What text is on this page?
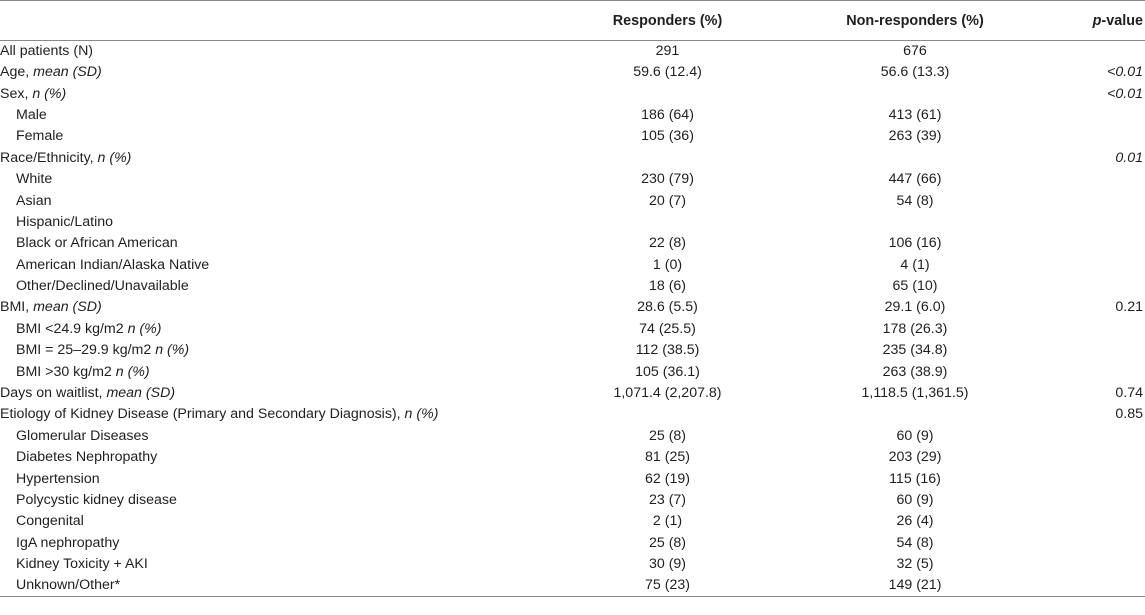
	Responders (%)	Non-responders (%)	p-value
All patients (N)	291	676	
Age, mean (SD)	59.6 (12.4)	56.6 (13.3)	<0.01
Sex, n (%)			<0.01
Male	186 (64)	413 (61)	
Female	105 (36)	263 (39)	
Race/Ethnicity, n (%)			0.01
White	230 (79)	447 (66)	
Asian	20 (7)	54 (8)	
Hispanic/Latino			
Black or African American	22 (8)	106 (16)	
American Indian/Alaska Native	1 (0)	4 (1)	
Other/Declined/Unavailable	18 (6)	65 (10)	
BMI, mean (SD)	28.6 (5.5)	29.1 (6.0)	0.21
BMI <24.9 kg/m2 n (%)	74 (25.5)	178 (26.3)	
BMI = 25–29.9 kg/m2 n (%)	112 (38.5)	235 (34.8)	
BMI >30 kg/m2 n (%)	105 (36.1)	263 (38.9)	
Days on waitlist, mean (SD)	1,071.4 (2,207.8)	1,118.5 (1,361.5)	0.74
Etiology of Kidney Disease (Primary and Secondary Diagnosis), n (%)			0.85
Glomerular Diseases	25 (8)	60 (9)	
Diabetes Nephropathy	81 (25)	203 (29)	
Hypertension	62 (19)	115 (16)	
Polycystic kidney disease	23 (7)	60 (9)	
Congenital	2 (1)	26 (4)	
IgA nephropathy	25 (8)	54 (8)	
Kidney Toxicity + AKI	30 (9)	32 (5)	
Unknown/Other*	75 (23)	149 (21)	
